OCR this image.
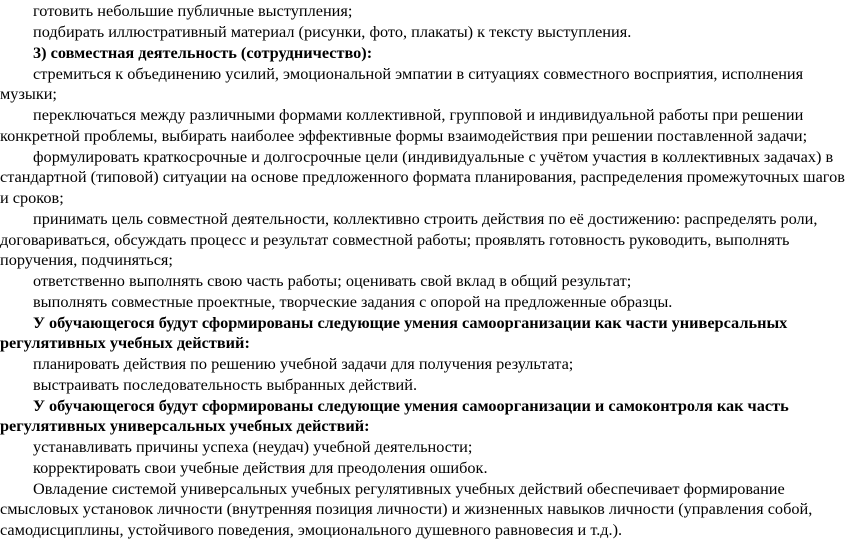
готовить небольшие публичные выступления;
подбирать иллюстративный материал (рисунки, фото, плакаты) к тексту выступления.
3) совместная деятельность (сотрудничество):
стремиться к объединению усилий, эмоциональной эмпатии в ситуациях совместного восприятия, исполнения
музыки;
переключаться между различными формами коллективной, групповой и индивидуальной работы при решении
конкретной проблемы, выбирать наиболее эффективные формы взаимодействия при решении поставленной задачи;
формулировать краткосрочные и долгосрочные цели (индивидуальные с учётом участия в коллективных задачах) в
стандартной (типовой) ситуации на основе предложенного формата планирования, распределения промежуточных шагов
и сроков;
принимать цель совместной деятельности, коллективно строить действия по её достижению: распределять роли,
договариваться, обсуждать процесс и результат совместной работы; проявлять готовность руководить, выполнять
поручения, подчиняться;
ответственно выполнять свою часть работы; оценивать свой вклад в общий результат;
выполнять совместные проектные, творческие задания с опорой на предложенные образцы.
У обучающегося будут сформированы следующие умения самоорганизации как части универсальных
регулятивных учебных действий:
планировать действия по решению учебной задачи для получения результата;
выстраивать последовательность выбранных действий.
У обучающегося будут сформированы следующие умения самоорганизации и самоконтроля как часть
регулятивных универсальных учебных действий:
устанавливать причины успеха (неудач) учебной деятельности;
корректировать свои учебные действия для преодоления ошибок.
Овладение системой универсальных учебных регулятивных учебных действий обеспечивает формирование
смысловых установок личности (внутренняя позиция личности) и жизненных навыков личности (управления собой,
самодисциплины, устойчивого поведения, эмоционального душевного равновесия и т.д.).
